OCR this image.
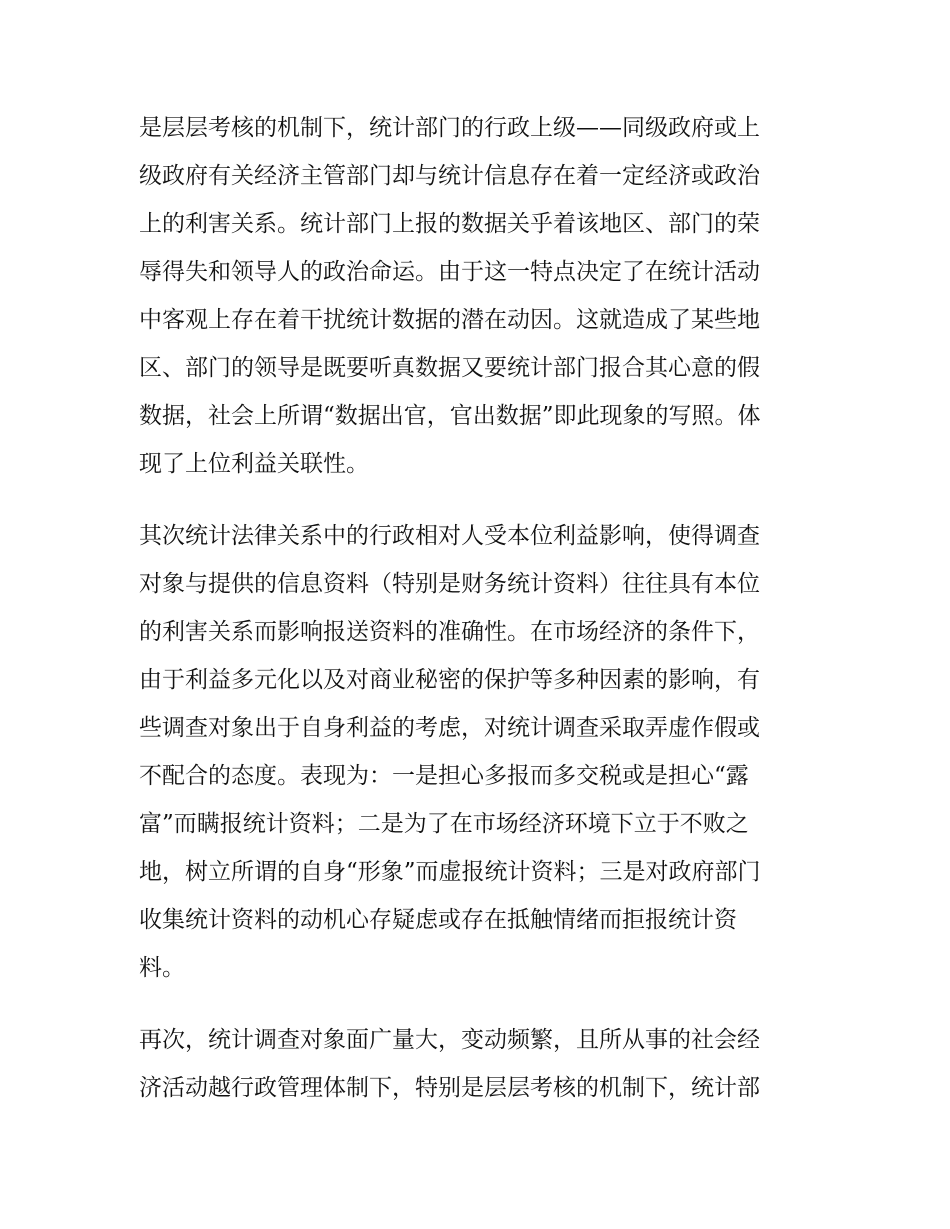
是层层考核的机制下，统计部门的行政上级——同级政府或上
级政府有关经济主管部门却与统计信息存在着一定经济或政治
上的利害关系。统计部门上报的数据关乎着该地区、部门的荣
辱得失和领导人的政治命运。由于这一特点决定了在统计活动
中客观上存在着干扰统计数据的潜在动因。这就造成了某些地
区、部门的领导是既要听真数据又要统计部门报合其心意的假
数据，社会上所谓“数据出官，官出数据”即此现象的写照。体
现了上位利益关联性。
其次统计法律关系中的行政相对人受本位利益影响，使得调查
对象与提供的信息资料（特别是财务统计资料）往往具有本位
的利害关系而影响报送资料的准确性。在市场经济的条件下，
由于利益多元化以及对商业秘密的保护等多种因素的影响，有
些调查对象出于自身利益的考虑，对统计调查采取弄虚作假或
不配合的态度。表现为：一是担心多报而多交税或是担心“露
富”而瞒报统计资料；二是为了在市场经济环境下立于不败之
地，树立所谓的自身“形象”而虚报统计资料；三是对政府部门
收集统计资料的动机心存疑虑或存在抵触情绪而拒报统计资
料。
再次，统计调查对象面广量大，变动频繁，且所从事的社会经
济活动越行政管理体制下，特别是层层考核的机制下，统计部
